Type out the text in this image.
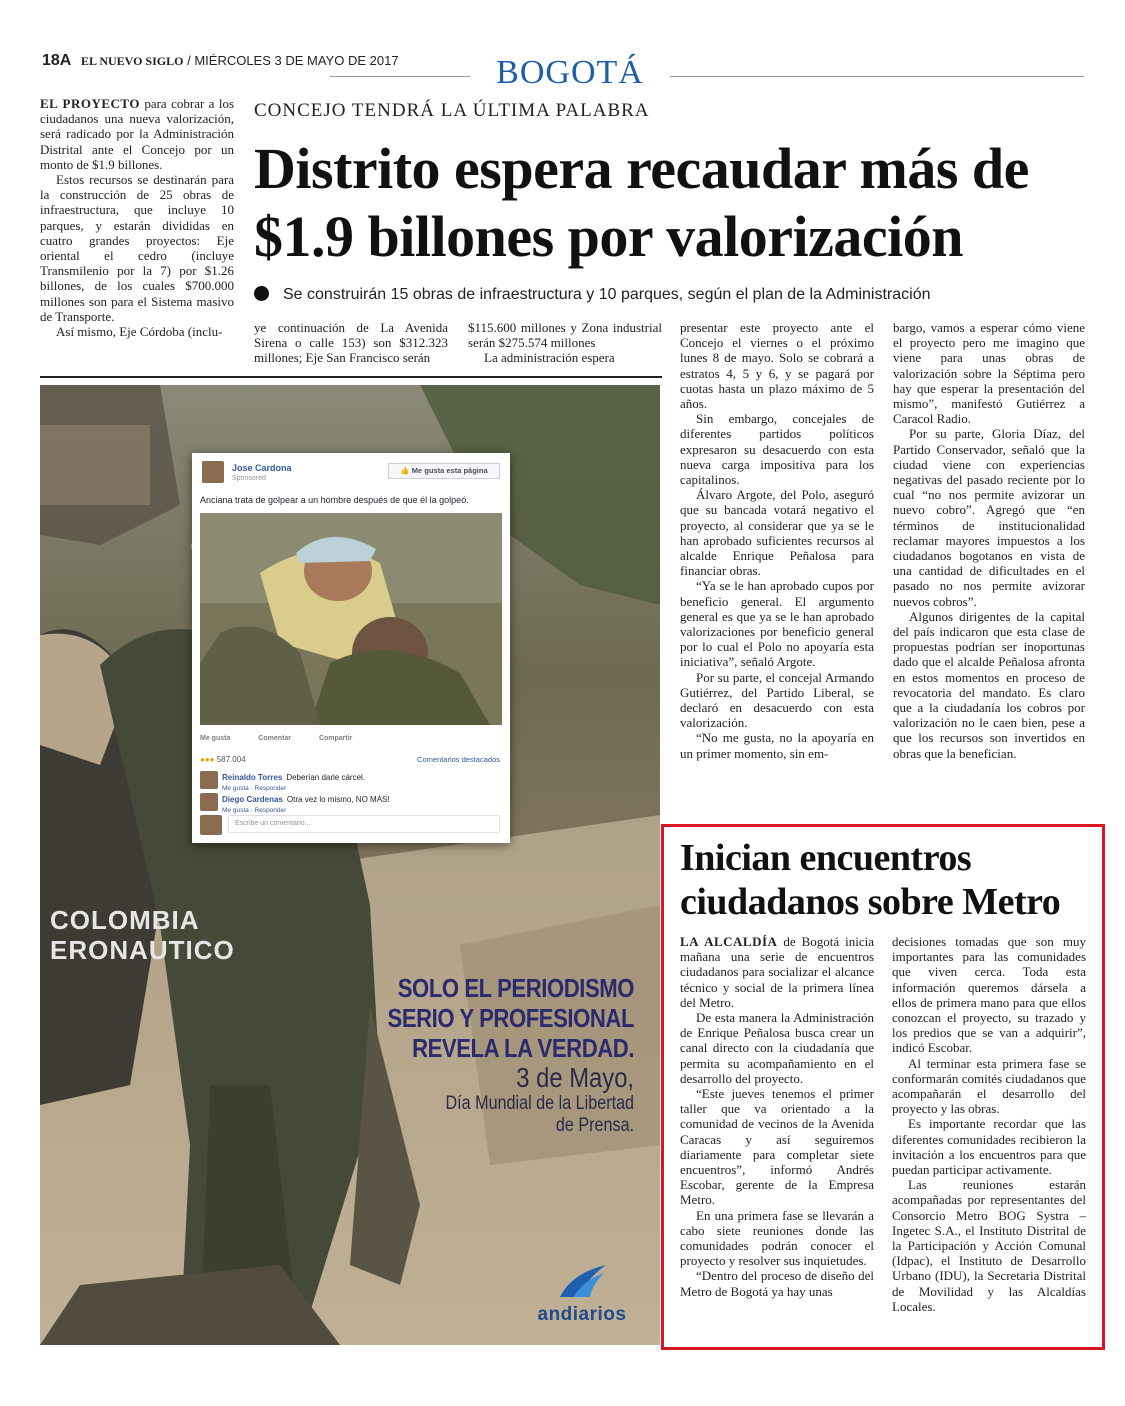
18A EL NUEVO SIGLO / MIÉRCOLES 3 DE MAYO DE 2017	BOGOTÁ

EL PROYECTO para cobrar a los ciudadanos una nueva valorización, será radicado por la Administración Distrital ante el Concejo por un monto de $1.9 billones.

Estos recursos se destinarán para la construcción de 25 obras de infraestructura, que incluye 10 parques, y estarán divididas en cuatro grandes proyectos: Eje oriental el cedro (incluye Transmilenio por la 7) por $1.26 billones, de los cuales $700.000 millones son para el Sistema masivo de Transporte.

Así mismo, Eje Córdoba (inclu-

CONCEJO TENDRÁ LA ÚLTIMA PALABRA
Distrito espera recaudar más de $1.9 billones por valorización
Se construirán 15 obras de infraestructura y 10 parques, según el plan de la Administración

ye continuación de La Avenida Sirena o calle 153) son $312.323 millones; Eje San Francisco serán

$115.600 millones y Zona industrial serán $275.574 millones

La administración espera

presentar este proyecto ante el Concejo el viernes o el próximo lunes 8 de mayo. Solo se cobrará a estratos 4, 5 y 6, y se pagará por cuotas hasta un plazo máximo de 5 años.

Sin embargo, concejales de diferentes partidos políticos expresaron su desacuerdo con esta nueva carga impositiva para los capitalinos.

Álvaro Argote, del Polo, aseguró que su bancada votará negativo el proyecto, al considerar que ya se le han aprobado suficientes recursos al alcalde Enrique Peñalosa para financiar obras.

“Ya se le han aprobado cupos por beneficio general. El argumento general es que ya se le han aprobado valorizaciones por beneficio general por lo cual el Polo no apoyaría esta iniciativa”, señaló Argote.

Por su parte, el concejal Armando Gutiérrez, del Partido Liberal, se declaró en desacuerdo con esta valorización.

“No me gusta, no la apoyaría en un primer momento, sin em-

bargo, vamos a esperar cómo viene el proyecto pero me imagino que viene para unas obras de valorización sobre la Séptima pero hay que esperar la presentación del mismo”, manifestó Gutiérrez a Caracol Radio.

Por su parte, Gloria Díaz, del Partido Conservador, señaló que la ciudad viene con experiencias negativas del pasado reciente por lo cual “no nos permite avizorar un nuevo cobro”. Agregó que “en términos de institucionalidad reclamar mayores impuestos a los ciudadanos bogotanos en vista de una cantidad de dificultades en el pasado no nos permite avizorar nuevos cobros”.

Algunos dirigentes de la capital del país indicaron que esta clase de propuestas podrían ser inoportunas dado que el alcalde Peñalosa afronta en estos momentos en proceso de revocatoria del mandato. Es claro que a la ciudadanía los cobros por valorización no le caen bien, pese a que los recursos son invertidos en obras que la benefician.

COLOMBIA
ERONAUTICO
Jose Cardona
Sponsored
👍 Me gusta esta página
Anciana trata de golpear a un hombre después de que él la golpeó.
Me gusta	Comentar	Compartir
●●● 587.004	Comentarios destacados
Reinaldo Torres Deberían darle cárcel.
Me gusta · Responder
Diego Cardenas Otra vez lo mismo, NO MÁS!
Me gusta · Responder
Escribe un comentario...
SOLO EL PERIODISMO
SERIO Y PROFESIONAL
REVELA LA VERDAD.
3 de Mayo,
Día Mundial de la Libertad
de Prensa.
andiarios
Inician encuentros ciudadanos sobre Metro

LA ALCALDÍA de Bogotá inicia mañana una serie de encuentros ciudadanos para socializar el alcance técnico y social de la primera línea del Metro.

De esta manera la Administración de Enrique Peñalosa busca crear un canal directo con la ciudadanía que permita su acompañamiento en el desarrollo del proyecto.

“Este jueves tenemos el primer taller que va orientado a la comunidad de vecinos de la Avenida Caracas y así seguiremos diariamente para completar siete encuentros”, informó Andrés Escobar, gerente de la Empresa Metro.

En una primera fase se llevarán a cabo siete reuniones donde las comunidades podrán conocer el proyecto y resolver sus inquietudes.

“Dentro del proceso de diseño del Metro de Bogotá ya hay unas

decisiones tomadas que son muy importantes para las comunidades que viven cerca. Toda esta información queremos dársela a ellos de primera mano para que ellos conozcan el proyecto, su trazado y los predios que se van a adquirir”, indicó Escobar.

Al terminar esta primera fase se conformarán comités ciudadanos que acompañarán el desarrollo del proyecto y las obras.

Es importante recordar que las diferentes comunidades recibieron la invitación a los encuentros para que puedan participar activamente.

Las reuniones estarán acompañadas por representantes del Consorcio Metro BOG Systra – Ingetec S.A., el Instituto Distrital de la Participación y Acción Comunal (Idpac), el Instituto de Desarrollo Urbano (IDU), la Secretaria Distrital de Movilidad y las Alcaldías Locales.
